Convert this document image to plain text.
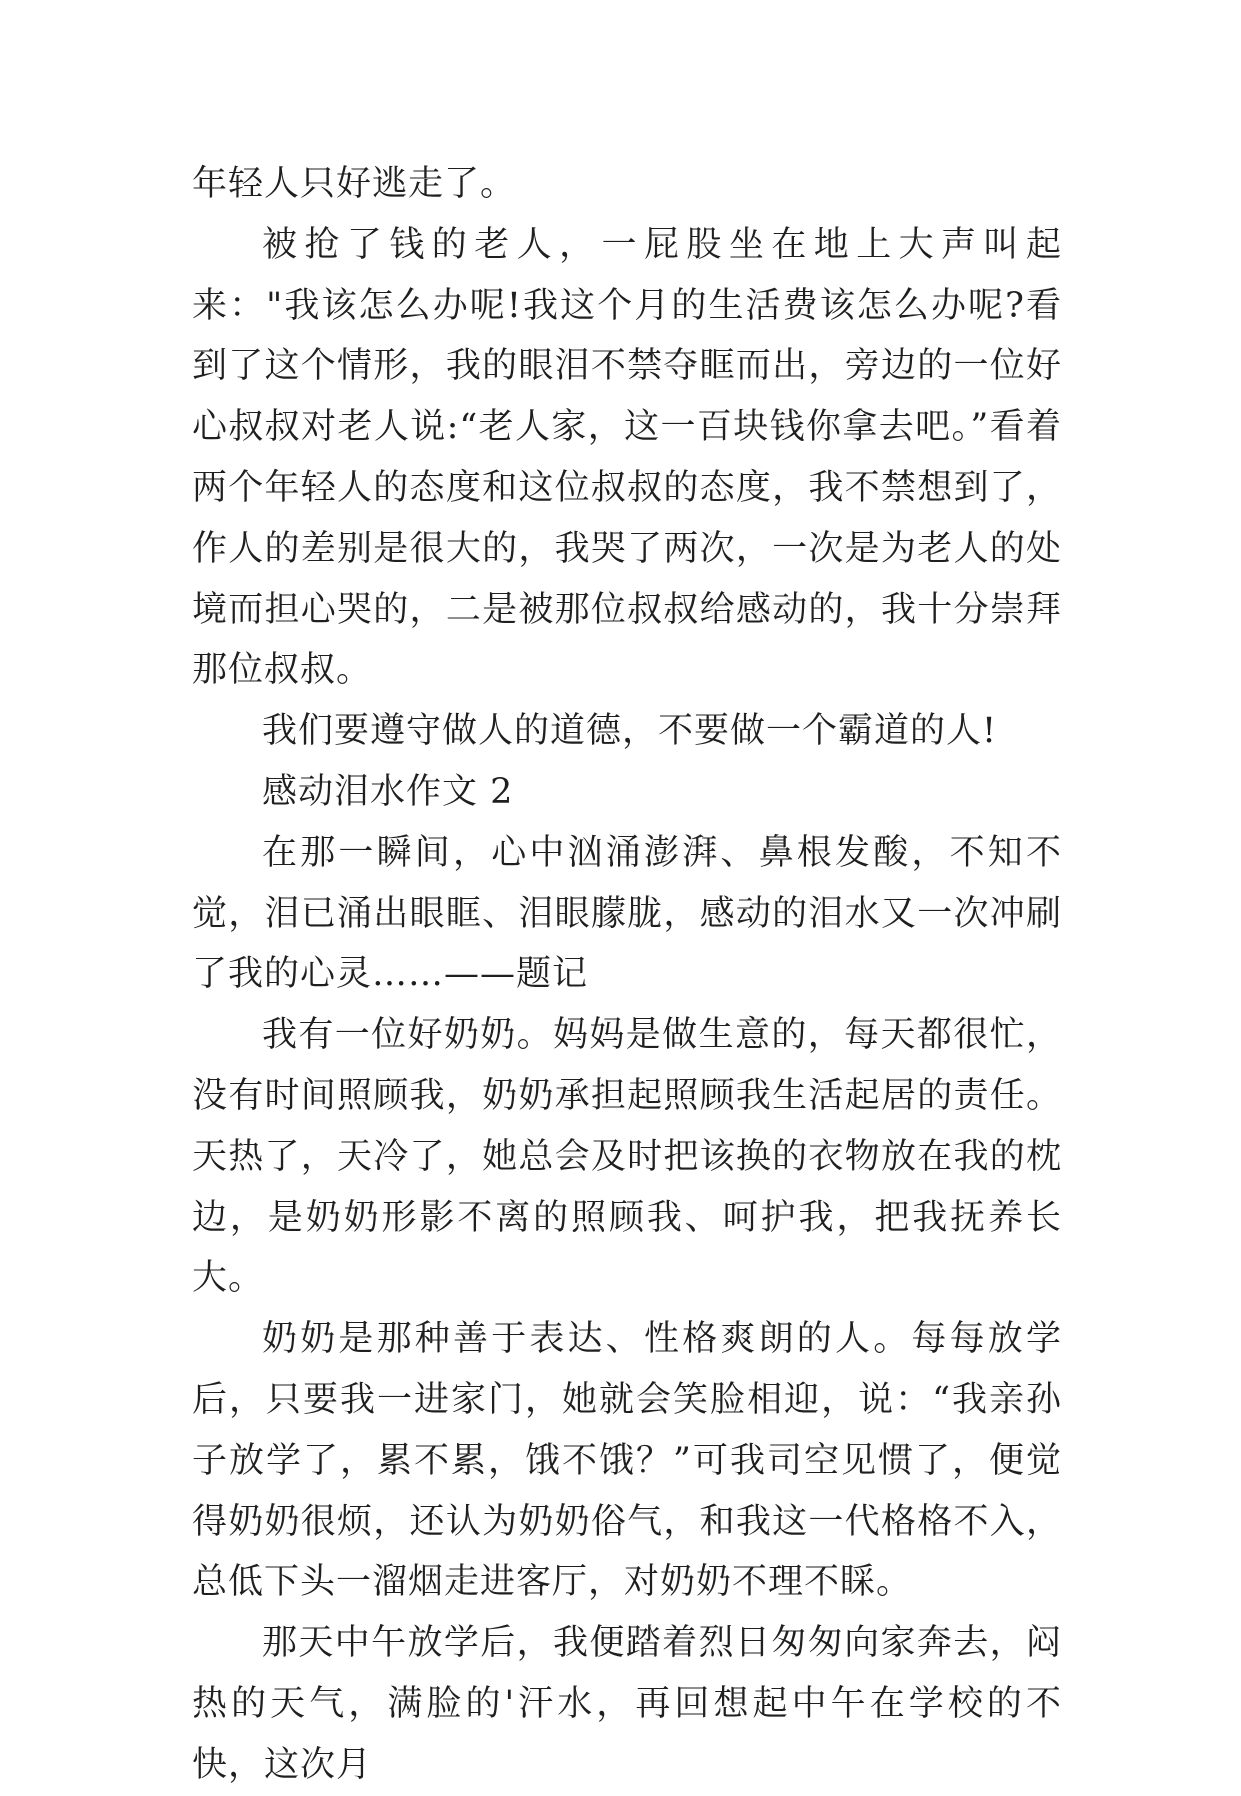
年轻人只好逃走了。

被抢了钱的老人，一屁股坐在地上大声叫起来："我该怎么办呢!我这个月的生活费该怎么办呢?看到了这个情形，我的眼泪不禁夺眶而出，旁边的一位好心叔叔对老人说:“老人家，这一百块钱你拿去吧。”看着两个年轻人的态度和这位叔叔的态度，我不禁想到了，作人的差别是很大的，我哭了两次，一次是为老人的处境而担心哭的，二是被那位叔叔给感动的，我十分崇拜那位叔叔。

我们要遵守做人的道德，不要做一个霸道的人!

感动泪水作文 2

在那一瞬间，心中汹涌澎湃、鼻根发酸，不知不觉，泪已涌出眼眶、泪眼朦胧，感动的泪水又一次冲刷了我的心灵……——题记

我有一位好奶奶。妈妈是做生意的，每天都很忙，没有时间照顾我，奶奶承担起照顾我生活起居的责任。天热了，天冷了，她总会及时把该换的衣物放在我的枕边，是奶奶形影不离的照顾我、呵护我，把我抚养长大。

奶奶是那种善于表达、性格爽朗的人。每每放学后，只要我一进家门，她就会笑脸相迎，说：“我亲孙子放学了，累不累，饿不饿？”可我司空见惯了，便觉得奶奶很烦，还认为奶奶俗气，和我这一代格格不入，总低下头一溜烟走进客厅，对奶奶不理不睬。

那天中午放学后，我便踏着烈日匆匆向家奔去，闷热的天气，满脸的'汗水，再回想起中午在学校的不快，这次月
